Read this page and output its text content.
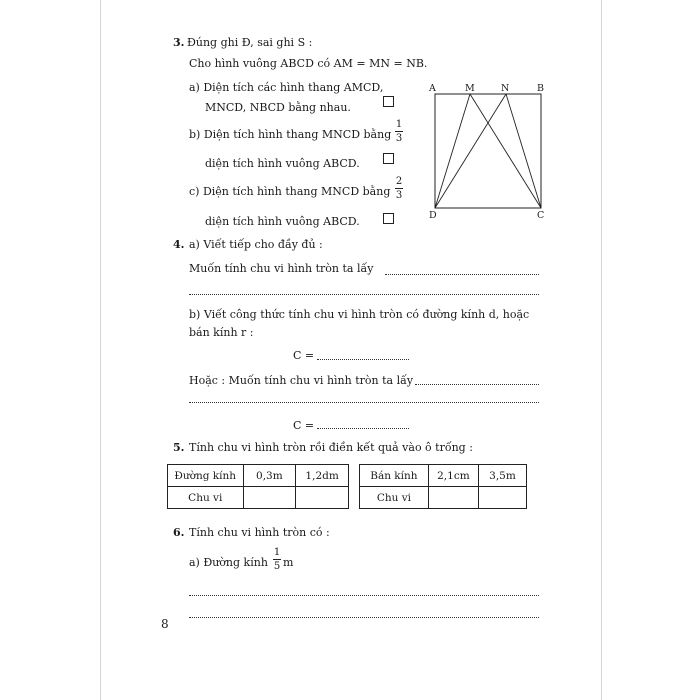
3. Đúng ghi Đ, sai ghi S :
Cho hình vuông ABCD có AM = MN = NB.
a) Diện tích các hình thang AMCD,
MNCD, NBCD bằng nhau.
b) Diện tích hình thang MNCD bằng
1
3
diện tích hình vuông ABCD.
c) Diện tích hình thang MNCD bằng
2
3
diện tích hình vuông ABCD.
A	M	N	B
D	C
4. a) Viết tiếp cho đầy đủ :
Muốn tính chu vi hình tròn ta lấy
b) Viết công thức tính chu vi hình tròn có đường kính d, hoặc
bán kính r :
C =
Hoặc : Muốn tính chu vi hình tròn ta lấy
C =
5. Tính chu vi hình tròn rồi điền kết quả vào ô trống :
Đường kính	0,3m	1,2dm
Chu vi		
Bán kính	2,1cm	3,5m
Chu vi		
6. Tính chu vi hình tròn có :
a) Đường kính
1
5 m
8
